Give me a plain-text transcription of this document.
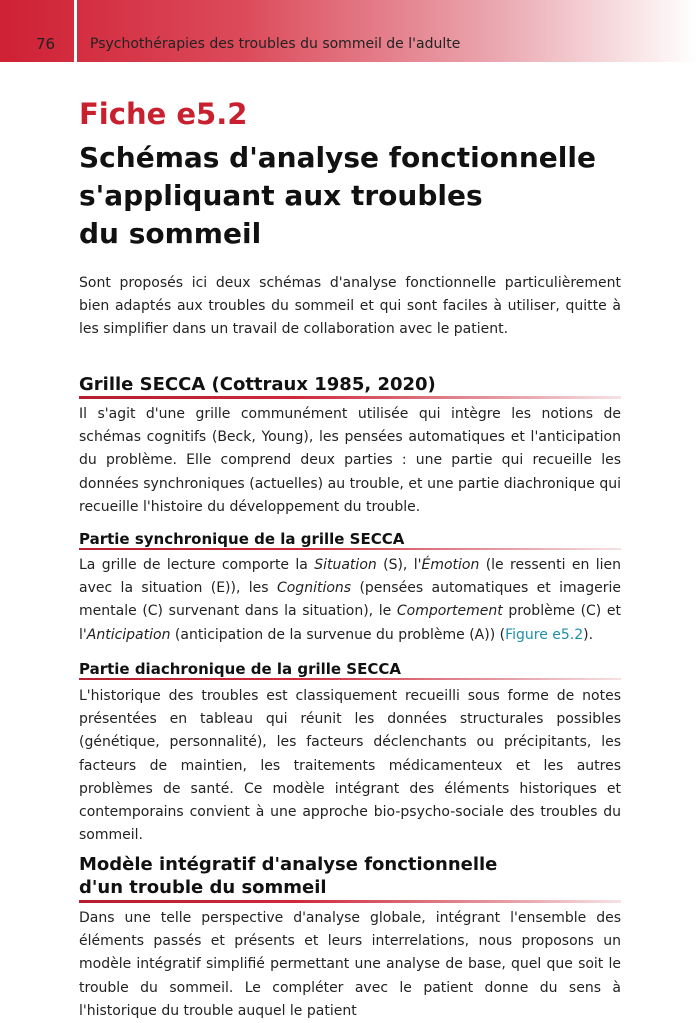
76	Psychothérapies des troubles du sommeil de l'adulte
Fiche e5.2
Schémas d'analyse fonctionnelle
s'appliquant aux troubles
du sommeil

Sont proposés ici deux schémas d'analyse fonctionnelle particulièrement bien adaptés aux troubles du sommeil et qui sont faciles à utiliser, quitte à les simplifier dans un travail de collaboration avec le patient.

Grille SECCA (Cottraux 1985, 2020)

Il s'agit d'une grille communément utilisée qui intègre les notions de schémas cognitifs (Beck, Young), les pensées automatiques et l'anticipation du problème. Elle comprend deux parties : une partie qui recueille les données synchroniques (actuelles) au trouble, et une partie diachronique qui recueille l'histoire du développement du trouble.

Partie synchronique de la grille SECCA

La grille de lecture comporte la Situation (S), l'Émotion (le ressenti en lien avec la situation (E)), les Cognitions (pensées automatiques et imagerie mentale (C) survenant dans la situation), le Comportement problème (C) et l'Anticipation (anticipation de la survenue du problème (A)) (Figure e5.2).

Partie diachronique de la grille SECCA

L'historique des troubles est classiquement recueilli sous forme de notes présentées en tableau qui réunit les données structurales possibles (génétique, personnalité), les facteurs déclenchants ou précipitants, les facteurs de maintien, les traitements médicamenteux et les autres problèmes de santé. Ce modèle intégrant des éléments historiques et contemporains convient à une approche bio-psycho-sociale des troubles du sommeil.

Modèle intégratif d'analyse fonctionnelle
d'un trouble du sommeil

Dans une telle perspective d'analyse globale, intégrant l'ensemble des éléments passés et présents et leurs interrelations, nous proposons un modèle intégratif simplifié permettant une analyse de base, quel que soit le trouble du sommeil. Le compléter avec le patient donne du sens à l'historique du trouble auquel le patient
